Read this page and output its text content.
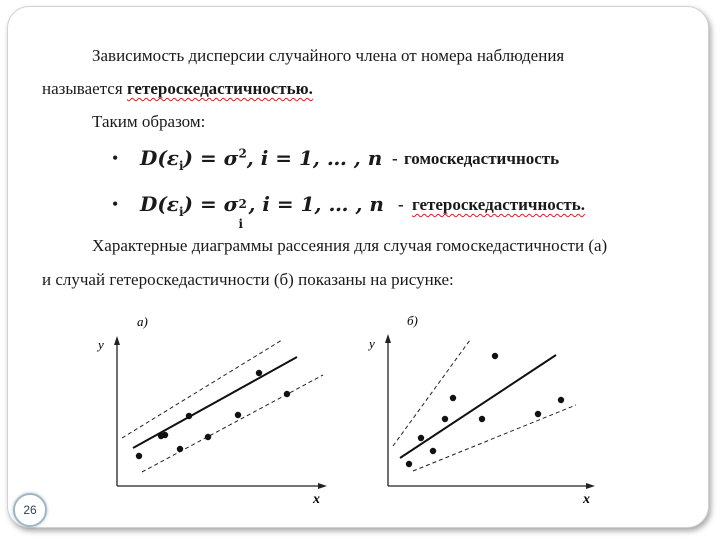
Зависимость дисперсии случайного члена от номера наблюдения
называется гетероскедастичностью.
Таким образом:
• $D(\varepsilon_i) = \sigma^2$, i = 1, … , n - гомоскедастичность
• $D(\varepsilon_i) = \sigma$ 2
i
, i = 1, … , n - гетероскедастичность.
Характерные диаграммы рассеяния для случая гомоскедастичности (а)
и случай гетероскедастичности (б) показаны на рисунке:
а)
y
x
б)
y
x
26
